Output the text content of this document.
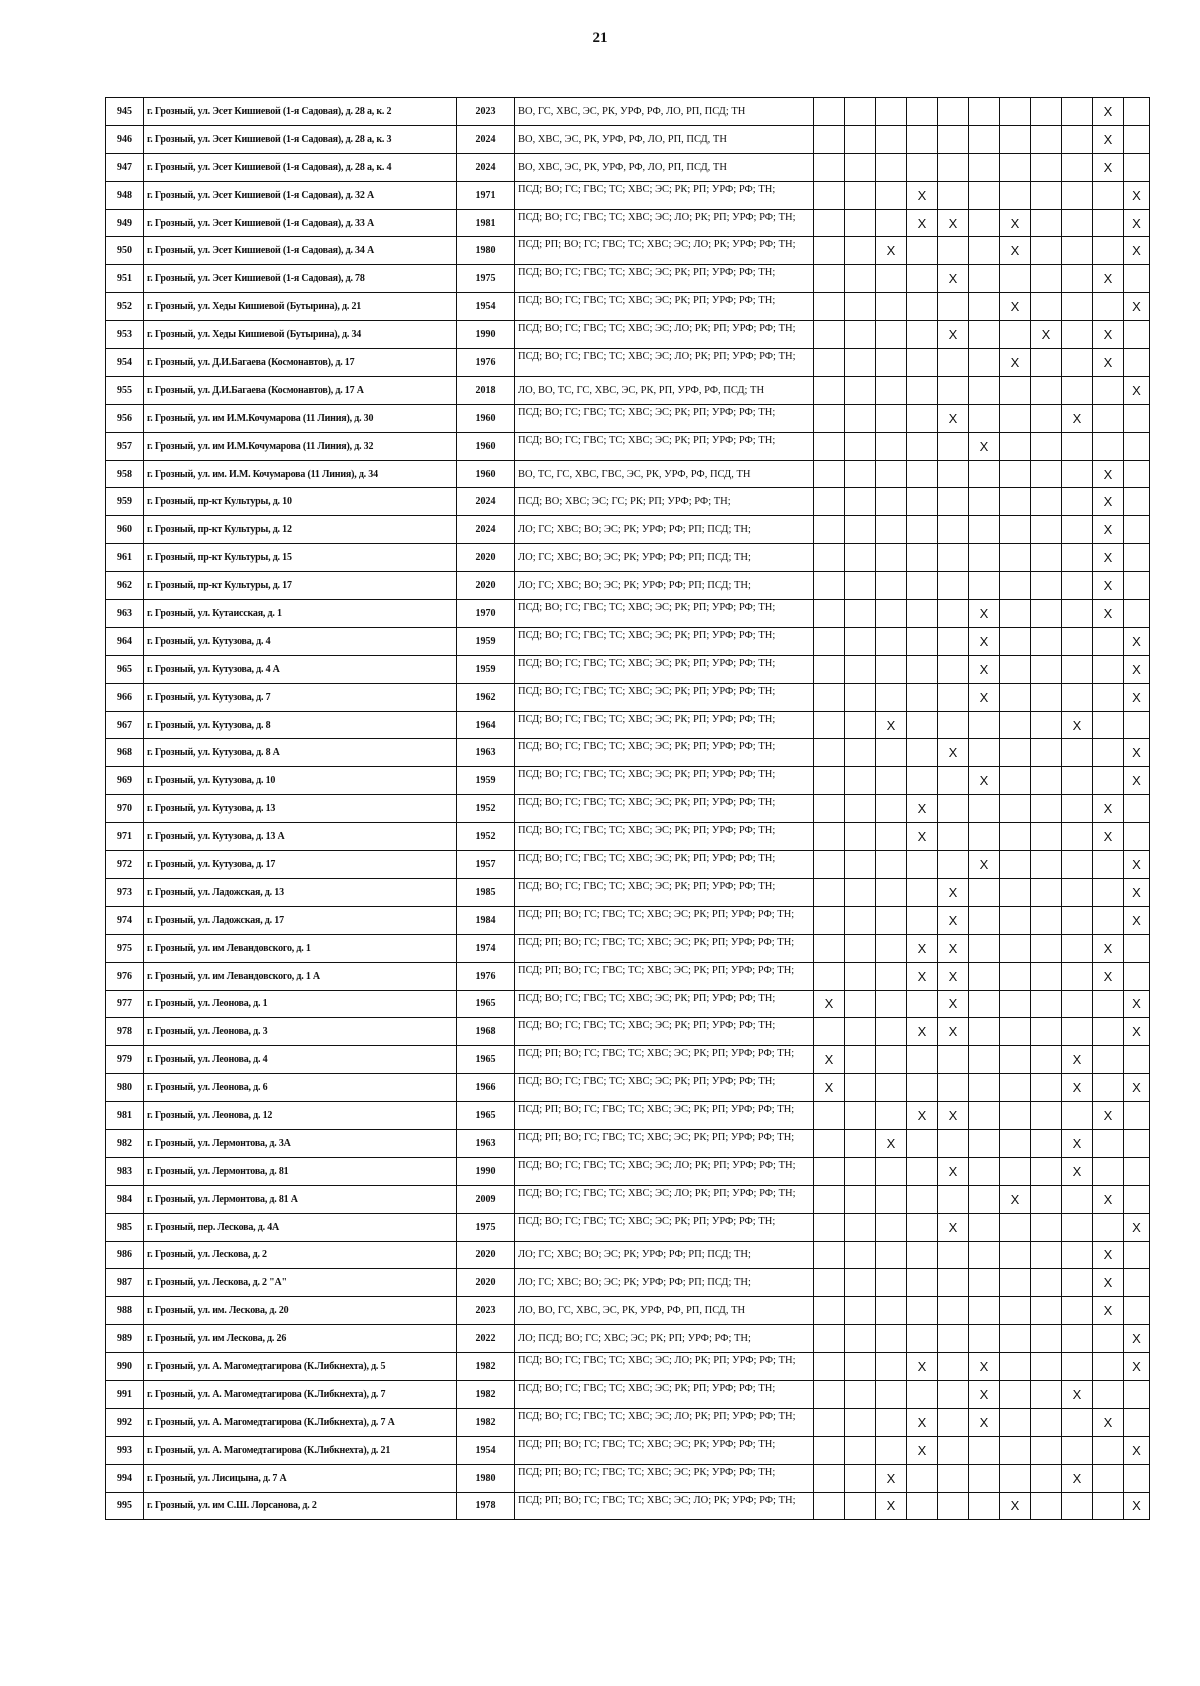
21
945	г. Грозный, ул. Эсет Кишиевой (1-я Садовая), д. 28 а, к. 2	2023	ВО, ГС, ХВС, ЭС, РК, УРФ, РФ, ЛО, РП, ПСД; ТН										X	
946	г. Грозный, ул. Эсет Кишиевой (1-я Садовая), д. 28 а, к. 3	2024	ВО, ХВС, ЭС, РК, УРФ, РФ, ЛО, РП, ПСД, ТН										X	
947	г. Грозный, ул. Эсет Кишиевой (1-я Садовая), д. 28 а, к. 4	2024	ВО, ХВС, ЭС, РК, УРФ, РФ, ЛО, РП, ПСД, ТН										X	
948	г. Грозный, ул. Эсет Кишиевой (1-я Садовая), д. 32 А	1971	ПСД; ВО; ГС; ГВС; ТС; ХВС; ЭС; РК; РП; УРФ; РФ; ТН;				X							X
949	г. Грозный, ул. Эсет Кишиевой (1-я Садовая), д. 33 А	1981	ПСД; ВО; ГС; ГВС; ТС; ХВС; ЭС; ЛО; РК; РП; УРФ; РФ; ТН;				X	X		X				X
950	г. Грозный, ул. Эсет Кишиевой (1-я Садовая), д. 34 А	1980	ПСД; РП; ВО; ГС; ГВС; ТС; ХВС; ЭС; ЛО; РК; УРФ; РФ; ТН;			X				X				X
951	г. Грозный, ул. Эсет Кишиевой (1-я Садовая), д. 78	1975	ПСД; ВО; ГС; ГВС; ТС; ХВС; ЭС; РК; РП; УРФ; РФ; ТН;					X					X	
952	г. Грозный, ул. Хеды Кишиевой (Бутырина), д. 21	1954	ПСД; ВО; ГС; ГВС; ТС; ХВС; ЭС; РК; РП; УРФ; РФ; ТН;							X				X
953	г. Грозный, ул. Хеды Кишиевой (Бутырина), д. 34	1990	ПСД; ВО; ГС; ГВС; ТС; ХВС; ЭС; ЛО; РК; РП; УРФ; РФ; ТН;					X			X		X	
954	г. Грозный, ул. Д.И.Багаева (Космонавтов), д. 17	1976	ПСД; ВО; ГС; ГВС; ТС; ХВС; ЭС; ЛО; РК; РП; УРФ; РФ; ТН;							X			X	
955	г. Грозный, ул. Д.И.Багаева (Космонавтов), д. 17 А	2018	ЛО, ВО, ТС, ГС, ХВС, ЭС, РК, РП, УРФ, РФ, ПСД; ТН											X
956	г. Грозный, ул. им И.М.Кочумарова (11 Линия), д. 30	1960	ПСД; ВО; ГС; ГВС; ТС; ХВС; ЭС; РК; РП; УРФ; РФ; ТН;					X				X		
957	г. Грозный, ул. им И.М.Кочумарова (11 Линия), д. 32	1960	ПСД; ВО; ГС; ГВС; ТС; ХВС; ЭС; РК; РП; УРФ; РФ; ТН;						X					
958	г. Грозный, ул. им. И.М. Кочумарова (11 Линия), д. 34	1960	ВО, ТС, ГС, ХВС, ГВС, ЭС, РК, УРФ, РФ, ПСД, ТН										X	
959	г. Грозный, пр-кт Культуры, д. 10	2024	ПСД; ВО; ХВС; ЭС; ГС; РК; РП; УРФ; РФ; ТН;										X	
960	г. Грозный, пр-кт Культуры, д. 12	2024	ЛО; ГС; ХВС; ВО; ЭС; РК; УРФ; РФ; РП; ПСД; ТН;										X	
961	г. Грозный, пр-кт Культуры, д. 15	2020	ЛО; ГС; ХВС; ВО; ЭС; РК; УРФ; РФ; РП; ПСД; ТН;										X	
962	г. Грозный, пр-кт Культуры, д. 17	2020	ЛО; ГС; ХВС; ВО; ЭС; РК; УРФ; РФ; РП; ПСД; ТН;										X	
963	г. Грозный, ул. Кутаисская, д. 1	1970	ПСД; ВО; ГС; ГВС; ТС; ХВС; ЭС; РК; РП; УРФ; РФ; ТН;						X				X	
964	г. Грозный, ул. Кутузова, д. 4	1959	ПСД; ВО; ГС; ГВС; ТС; ХВС; ЭС; РК; РП; УРФ; РФ; ТН;						X					X
965	г. Грозный, ул. Кутузова, д. 4 А	1959	ПСД; ВО; ГС; ГВС; ТС; ХВС; ЭС; РК; РП; УРФ; РФ; ТН;						X					X
966	г. Грозный, ул. Кутузова, д. 7	1962	ПСД; ВО; ГС; ГВС; ТС; ХВС; ЭС; РК; РП; УРФ; РФ; ТН;						X					X
967	г. Грозный, ул. Кутузова, д. 8	1964	ПСД; ВО; ГС; ГВС; ТС; ХВС; ЭС; РК; РП; УРФ; РФ; ТН;			X						X		
968	г. Грозный, ул. Кутузова, д. 8 А	1963	ПСД; ВО; ГС; ГВС; ТС; ХВС; ЭС; РК; РП; УРФ; РФ; ТН;					X						X
969	г. Грозный, ул. Кутузова, д. 10	1959	ПСД; ВО; ГС; ГВС; ТС; ХВС; ЭС; РК; РП; УРФ; РФ; ТН;						X					X
970	г. Грозный, ул. Кутузова, д. 13	1952	ПСД; ВО; ГС; ГВС; ТС; ХВС; ЭС; РК; РП; УРФ; РФ; ТН;				X						X	
971	г. Грозный, ул. Кутузова, д. 13 А	1952	ПСД; ВО; ГС; ГВС; ТС; ХВС; ЭС; РК; РП; УРФ; РФ; ТН;				X						X	
972	г. Грозный, ул. Кутузова, д. 17	1957	ПСД; ВО; ГС; ГВС; ТС; ХВС; ЭС; РК; РП; УРФ; РФ; ТН;						X					X
973	г. Грозный, ул. Ладожская, д. 13	1985	ПСД; ВО; ГС; ГВС; ТС; ХВС; ЭС; РК; РП; УРФ; РФ; ТН;					X						X
974	г. Грозный, ул. Ладожская, д. 17	1984	ПСД; РП; ВО; ГС; ГВС; ТС; ХВС; ЭС; РК; РП; УРФ; РФ; ТН;					X						X
975	г. Грозный, ул. им Левандовского, д. 1	1974	ПСД; РП; ВО; ГС; ГВС; ТС; ХВС; ЭС; РК; РП; УРФ; РФ; ТН;				X	X					X	
976	г. Грозный, ул. им Левандовского, д. 1 А	1976	ПСД; РП; ВО; ГС; ГВС; ТС; ХВС; ЭС; РК; РП; УРФ; РФ; ТН;				X	X					X	
977	г. Грозный, ул. Леонова, д. 1	1965	ПСД; ВО; ГС; ГВС; ТС; ХВС; ЭС; РК; РП; УРФ; РФ; ТН;	X				X						X
978	г. Грозный, ул. Леонова, д. 3	1968	ПСД; ВО; ГС; ГВС; ТС; ХВС; ЭС; РК; РП; УРФ; РФ; ТН;				X	X						X
979	г. Грозный, ул. Леонова, д. 4	1965	ПСД; РП; ВО; ГС; ГВС; ТС; ХВС; ЭС; РК; РП; УРФ; РФ; ТН;	X								X		
980	г. Грозный, ул. Леонова, д. 6	1966	ПСД; ВО; ГС; ГВС; ТС; ХВС; ЭС; РК; РП; УРФ; РФ; ТН;	X								X		X
981	г. Грозный, ул. Леонова, д. 12	1965	ПСД; РП; ВО; ГС; ГВС; ТС; ХВС; ЭС; РК; РП; УРФ; РФ; ТН;				X	X					X	
982	г. Грозный, ул. Лермонтова, д. 3А	1963	ПСД; РП; ВО; ГС; ГВС; ТС; ХВС; ЭС; РК; РП; УРФ; РФ; ТН;			X						X		
983	г. Грозный, ул. Лермонтова, д. 81	1990	ПСД; ВО; ГС; ГВС; ТС; ХВС; ЭС; ЛО; РК; РП; УРФ; РФ; ТН;					X				X		
984	г. Грозный, ул. Лермонтова, д. 81 А	2009	ПСД; ВО; ГС; ГВС; ТС; ХВС; ЭС; ЛО; РК; РП; УРФ; РФ; ТН;							X			X	
985	г. Грозный, пер. Лескова, д. 4А	1975	ПСД; ВО; ГС; ГВС; ТС; ХВС; ЭС; РК; РП; УРФ; РФ; ТН;					X						X
986	г. Грозный, ул. Лескова, д. 2	2020	ЛО; ГС; ХВС; ВО; ЭС; РК; УРФ; РФ; РП; ПСД; ТН;										X	
987	г. Грозный, ул. Лескова, д. 2 "А"	2020	ЛО; ГС; ХВС; ВО; ЭС; РК; УРФ; РФ; РП; ПСД; ТН;										X	
988	г. Грозный, ул. им. Лескова, д. 20	2023	ЛО, ВО, ГС, ХВС, ЭС, РК, УРФ, РФ, РП, ПСД, ТН										X	
989	г. Грозный, ул. им Лескова, д. 26	2022	ЛО; ПСД; ВО; ГС; ХВС; ЭС; РК; РП; УРФ; РФ; ТН;											X
990	г. Грозный, ул. А. Магомедтагирова (К.Либкнехта), д. 5	1982	ПСД; ВО; ГС; ГВС; ТС; ХВС; ЭС; ЛО; РК; РП; УРФ; РФ; ТН;				X		X					X
991	г. Грозный, ул. А. Магомедтагирова (К.Либкнехта), д. 7	1982	ПСД; ВО; ГС; ГВС; ТС; ХВС; ЭС; РК; РП; УРФ; РФ; ТН;						X			X		
992	г. Грозный, ул. А. Магомедтагирова (К.Либкнехта), д. 7 А	1982	ПСД; ВО; ГС; ГВС; ТС; ХВС; ЭС; ЛО; РК; РП; УРФ; РФ; ТН;				X		X				X	
993	г. Грозный, ул. А. Магомедтагирова (К.Либкнехта), д. 21	1954	ПСД; РП; ВО; ГС; ГВС; ТС; ХВС; ЭС; РК; УРФ; РФ; ТН;				X							X
994	г. Грозный, ул. Лисицына, д. 7 А	1980	ПСД; РП; ВО; ГС; ГВС; ТС; ХВС; ЭС; РК; УРФ; РФ; ТН;			X						X		
995	г. Грозный, ул. им С.Ш. Лорсанова, д. 2	1978	ПСД; РП; ВО; ГС; ГВС; ТС; ХВС; ЭС; ЛО; РК; УРФ; РФ; ТН;			X				X				X
